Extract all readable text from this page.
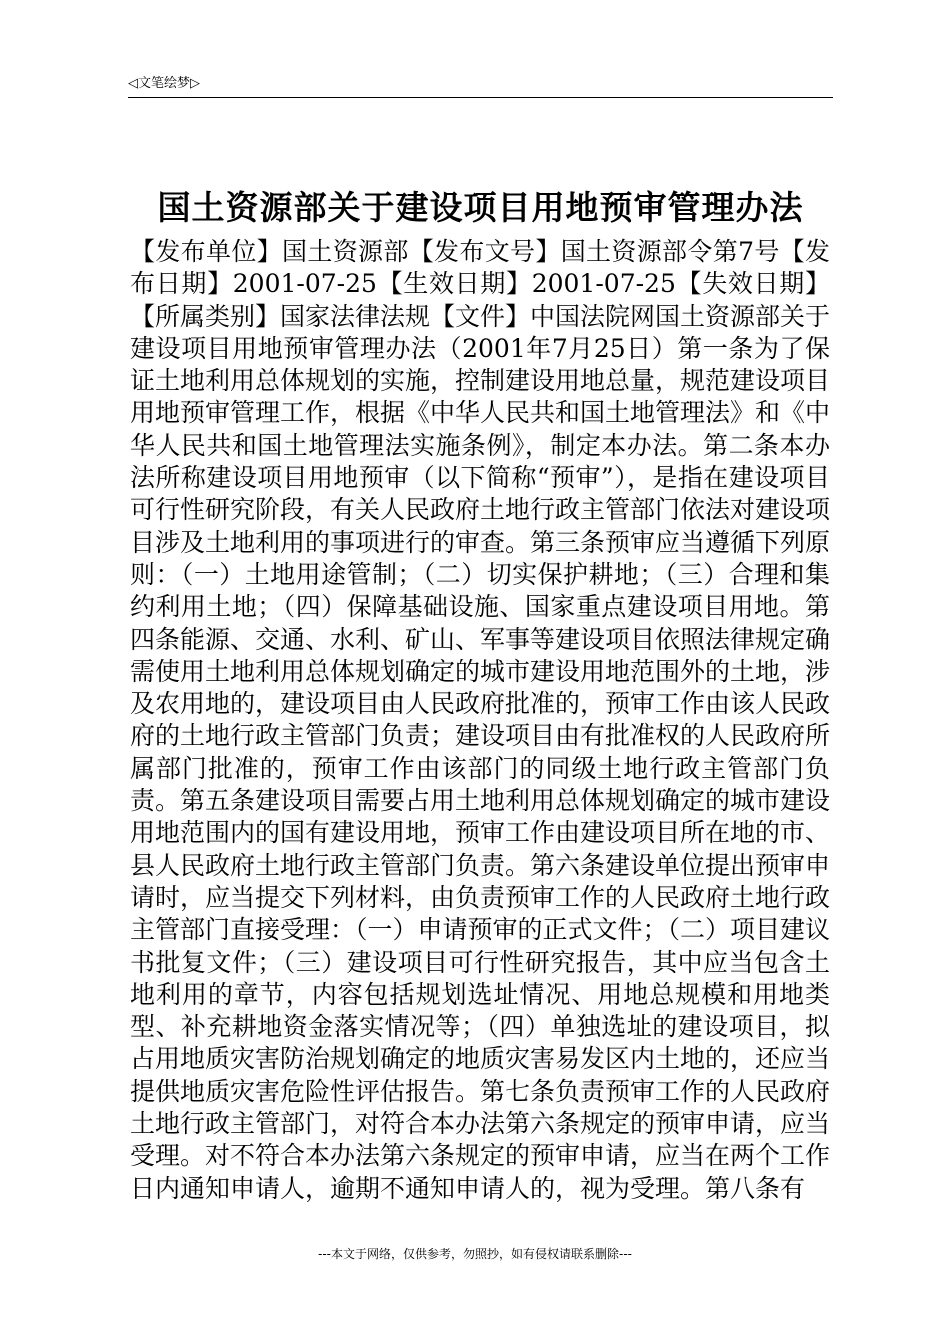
◁文笔绘梦▷
国土资源部关于建设项目用地预审管理办法
【发布单位】国土资源部【发布文号】国土资源部令第7号【发布日期】2001-07-25【生效日期】2001-07-25【失效日期】【所属类别】国家法律法规【文件】中国法院网国土资源部关于建设项目用地预审管理办法（2001年7月25日）第一条为了保证土地利用总体规划的实施，控制建设用地总量，规范建设项目用地预审管理工作，根据《中华人民共和国土地管理法》和《中华人民共和国土地管理法实施条例》，制定本办法。第二条本办法所称建设项目用地预审（以下简称“预审”），是指在建设项目可行性研究阶段，有关人民政府土地行政主管部门依法对建设项目涉及土地利用的事项进行的审查。第三条预审应当遵循下列原则：（一）土地用途管制；（二）切实保护耕地；（三）合理和集约利用土地；（四）保障基础设施、国家重点建设项目用地。第四条能源、交通、水利、矿山、军事等建设项目依照法律规定确需使用土地利用总体规划确定的城市建设用地范围外的土地，涉及农用地的，建设项目由人民政府批准的，预审工作由该人民政府的土地行政主管部门负责；建设项目由有批准权的人民政府所属部门批准的，预审工作由该部门的同级土地行政主管部门负责。第五条建设项目需要占用土地利用总体规划确定的城市建设用地范围内的国有建设用地，预审工作由建设项目所在地的市、县人民政府土地行政主管部门负责。第六条建设单位提出预审申请时，应当提交下列材料，由负责预审工作的人民政府土地行政主管部门直接受理：（一）申请预审的正式文件；（二）项目建议书批复文件；（三）建设项目可行性研究报告，其中应当包含土地利用的章节，内容包括规划选址情况、用地总规模和用地类型、补充耕地资金落实情况等；（四）单独选址的建设项目，拟占用地质灾害防治规划确定的地质灾害易发区内土地的，还应当提供地质灾害危险性评估报告。第七条负责预审工作的人民政府土地行政主管部门，对符合本办法第六条规定的预审申请，应当受理。对不符合本办法第六条规定的预审申请，应当在两个工作日内通知申请人，逾期不通知申请人的，视为受理。第八条有
---本文于网络，仅供参考，勿照抄，如有侵权请联系删除---
